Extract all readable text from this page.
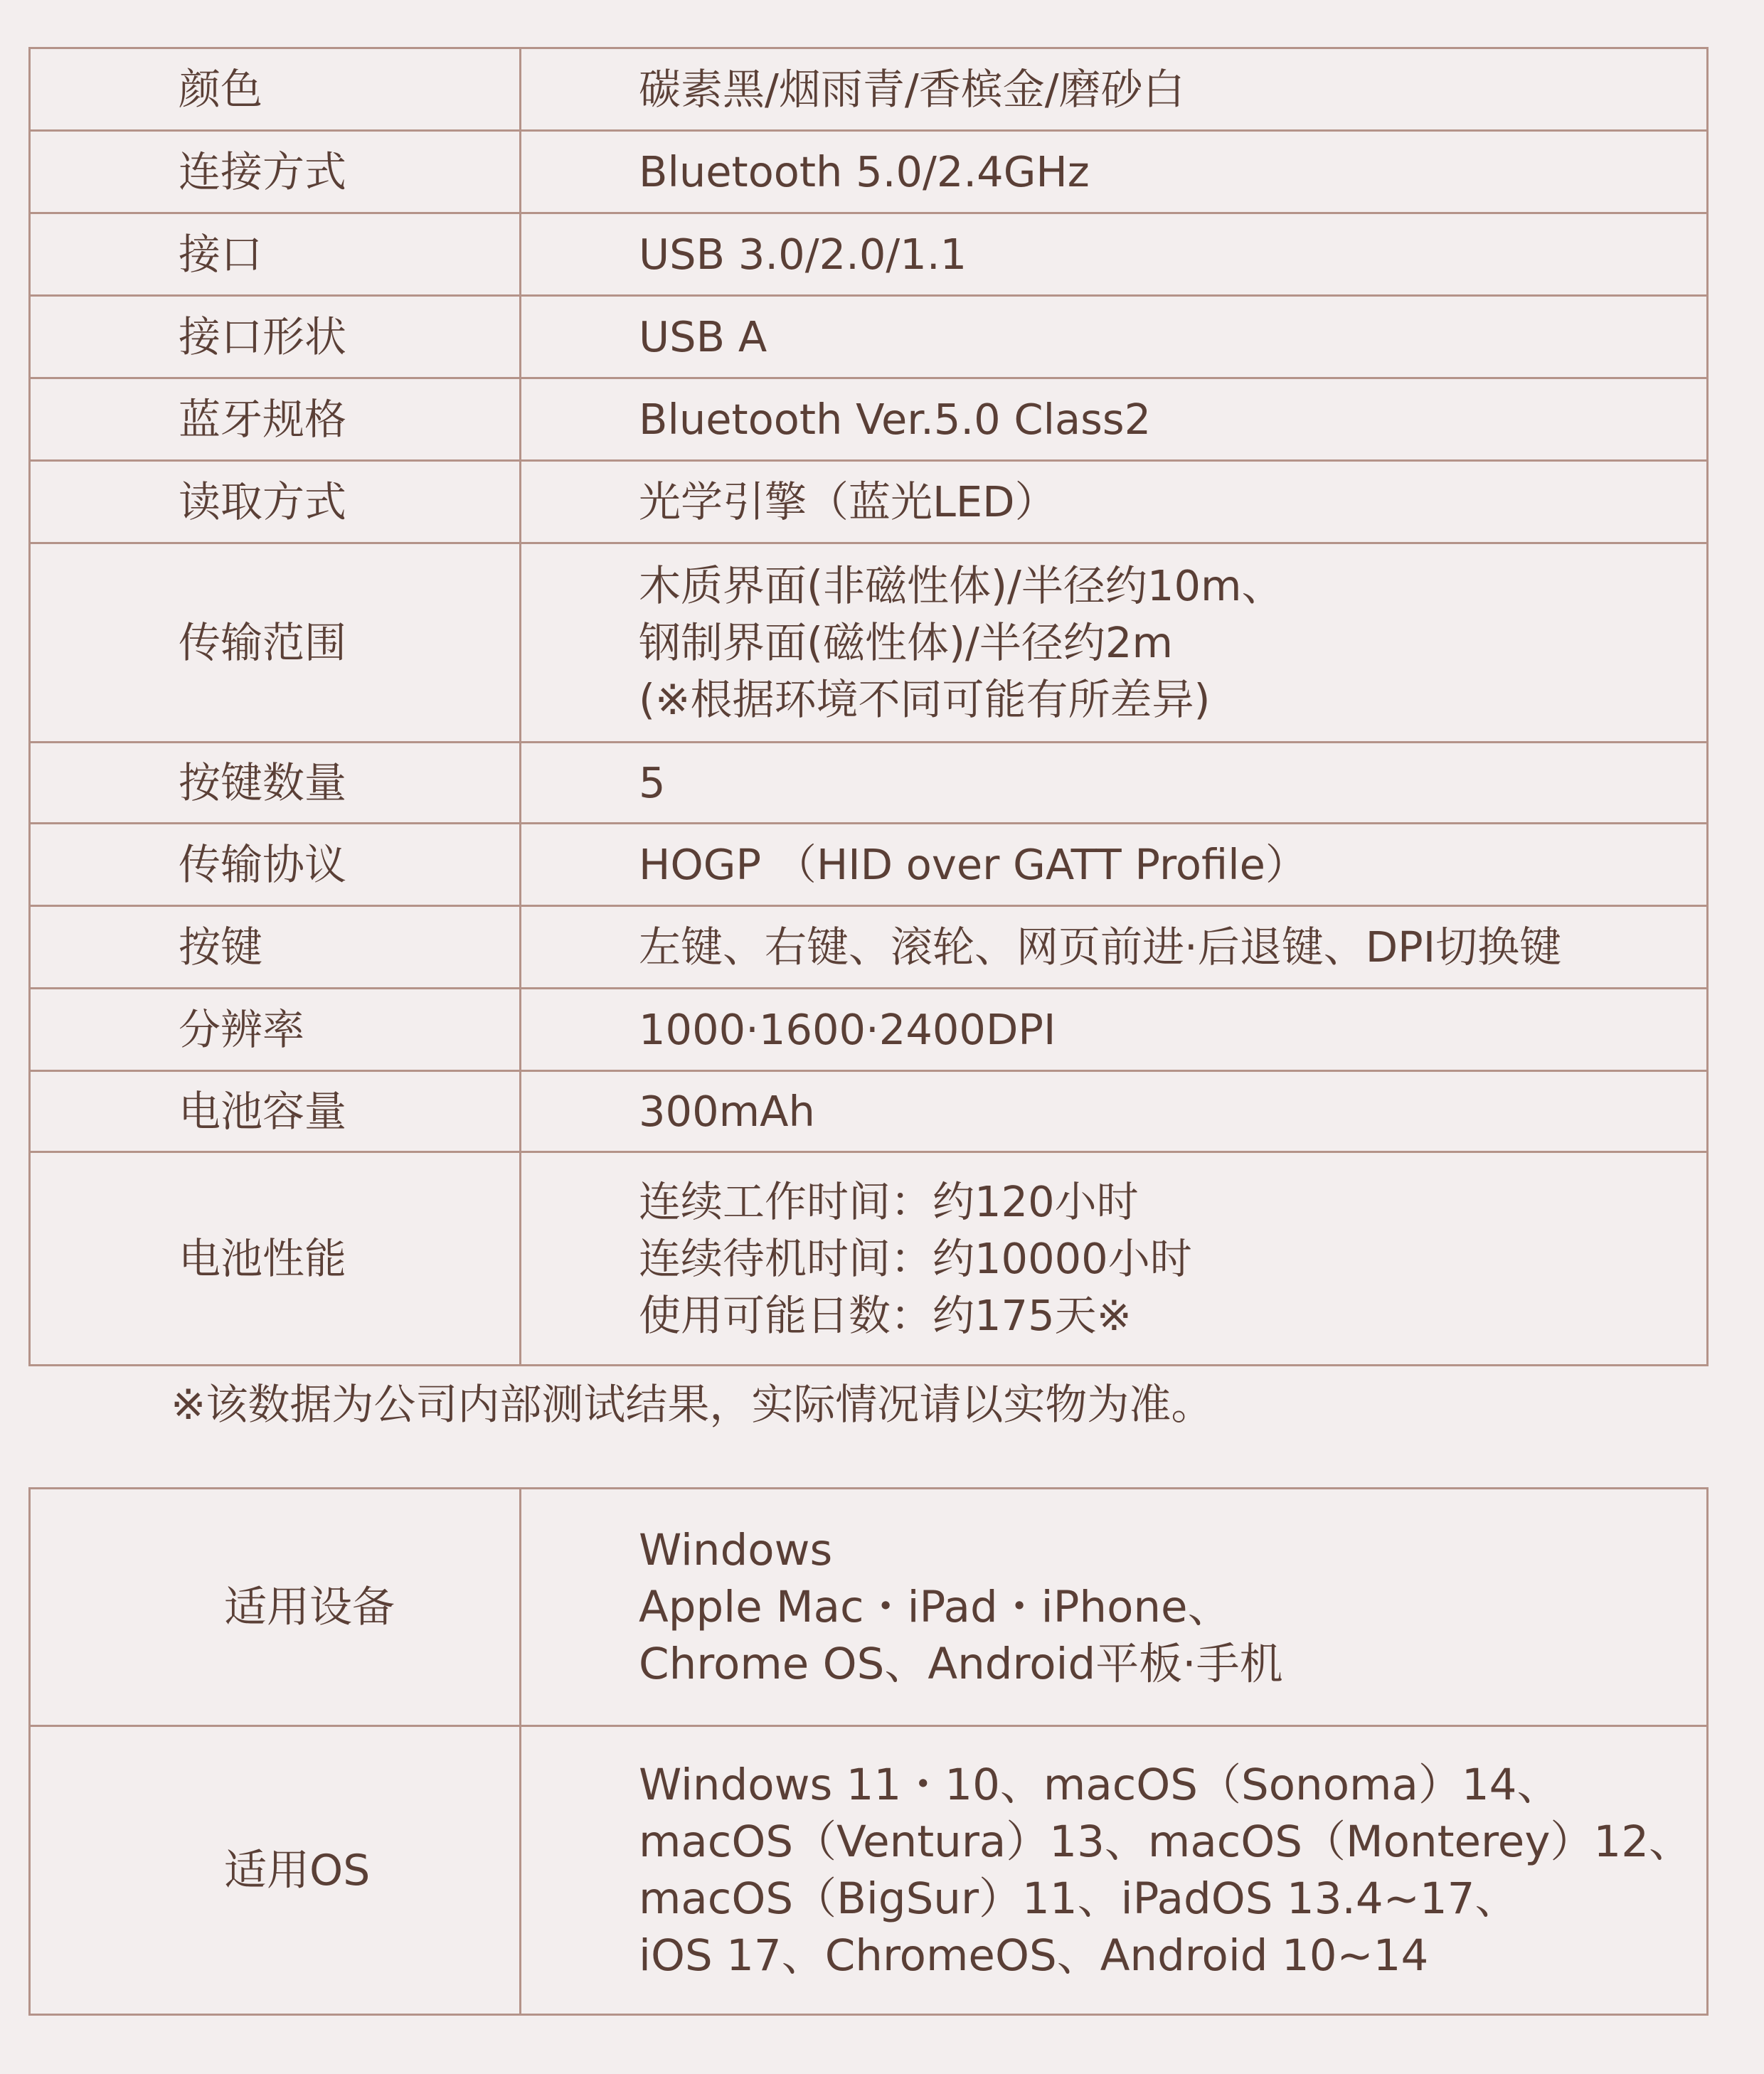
颜色	碳素黑/烟雨青/香槟金/磨砂白

连接方式	Bluetooth 5.0/2.4GHz

接口	USB 3.0/2.0/1.1

接口形状	USB A

蓝牙规格	Bluetooth Ver.5.0 Class2

读取方式	光学引擎（蓝光LED）

传输范围	木质界面(非磁性体)/半径约10m、
钢制界面(磁性体)/半径约2m
(※根据环境不同可能有所差异)

按键数量	5

传输协议	HOGP （HID over GATT Profile）

按键	左键、右键、滚轮、网页前进·后退键、DPI切换键

分辨率	1000·1600·2400DPI

电池容量	300mAh

电池性能	连续工作时间：约120小时
连续待机时间：约10000小时
使用可能日数：约175天※
※该数据为公司内部测试结果，实际情况请以实物为准。
适用设备	Windows
Apple Mac・iPad・iPhone、
Chrome OS、Android平板·手机

适用OS	Windows 11・10、macOS（Sonoma）14、
macOS（Ventura）13、macOS（Monterey）12、
macOS（BigSur）11、iPadOS 13.4~17、
iOS 17、ChromeOS、Android 10~14
